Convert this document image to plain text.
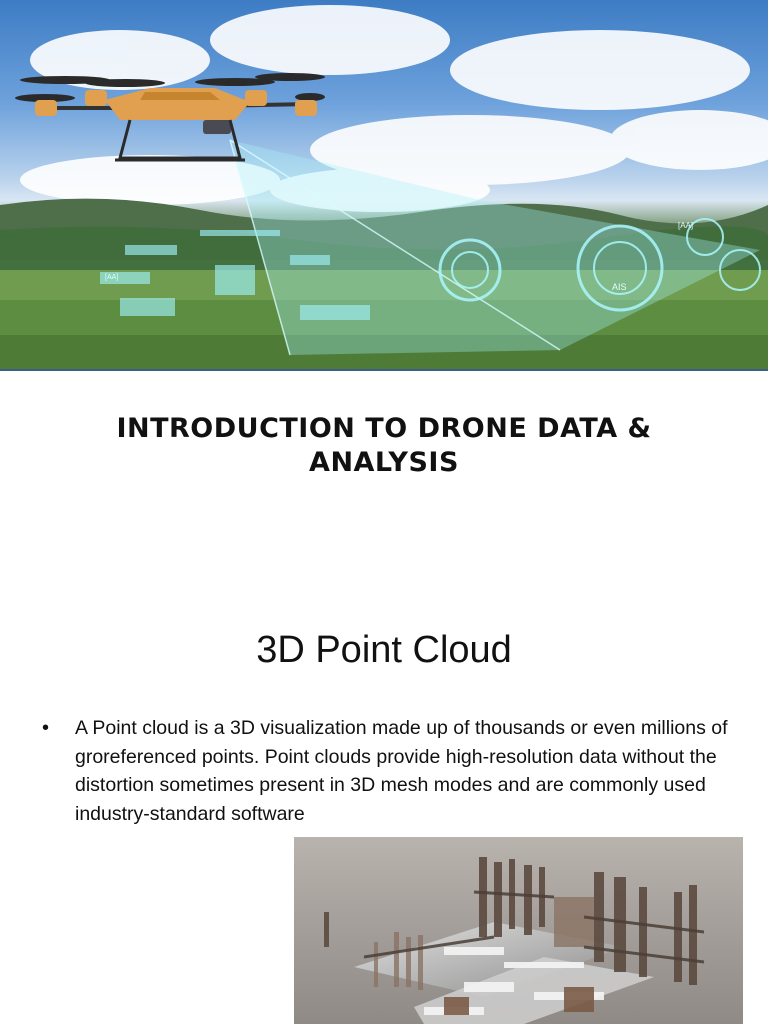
[AA]
AIS
[AA]
INTRODUCTION TO DRONE DATA &
ANALYSIS
3D Point Cloud
• A Point cloud is a 3D visualization made up of thousands or even millions of groreferenced points. Point clouds provide high-resolution data without the distortion sometimes present in 3D mesh modes and are commonly used industry-standard software
